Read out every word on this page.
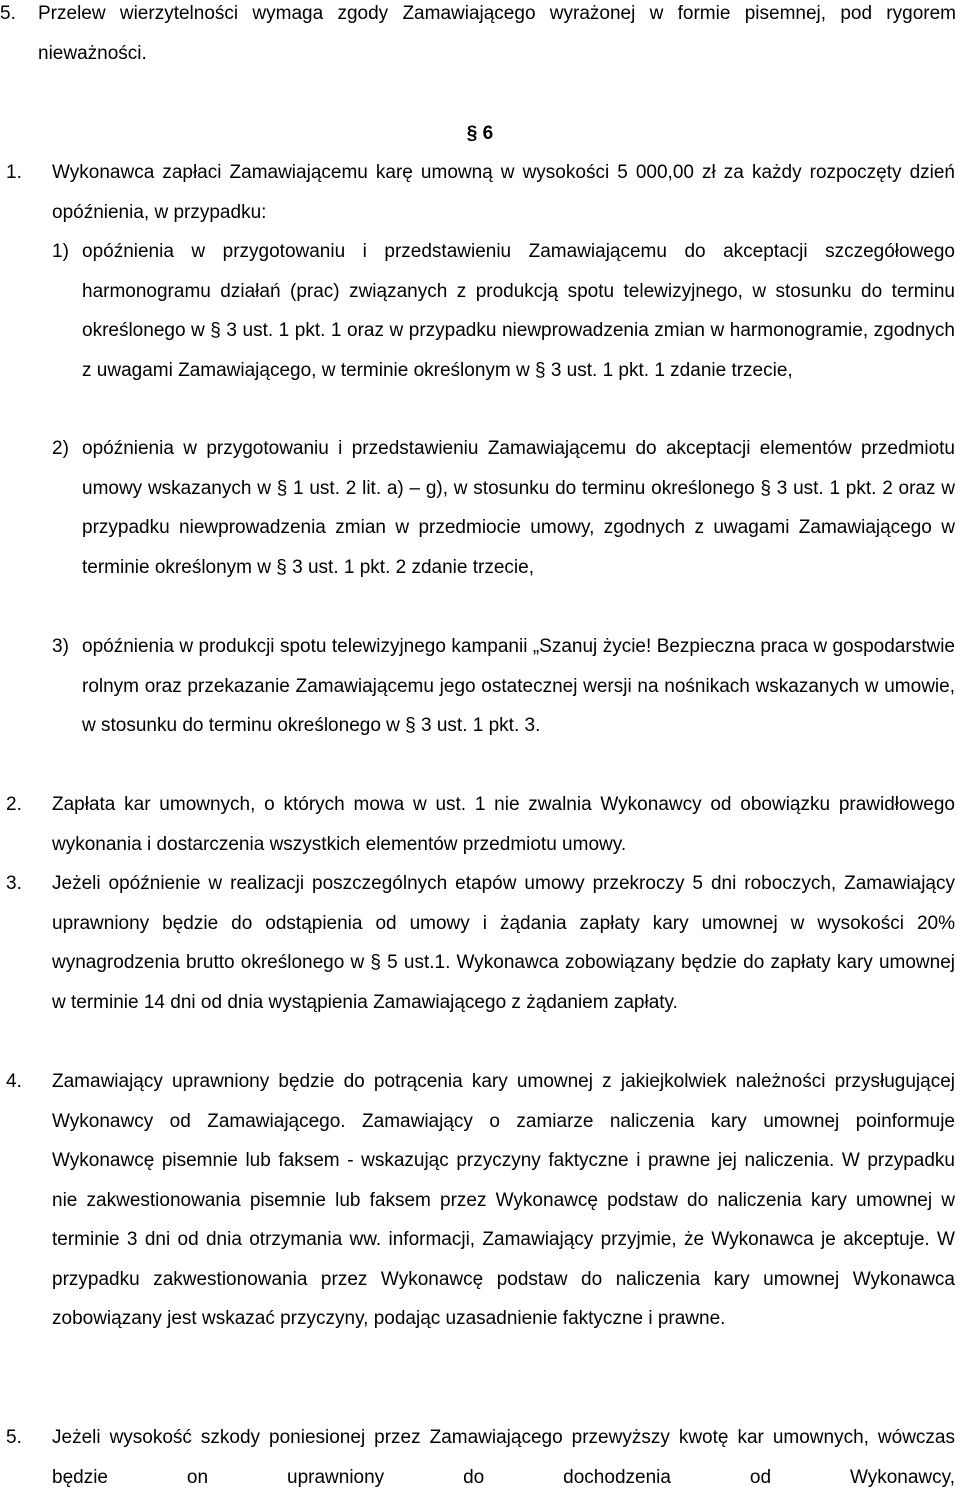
5. Przelew wierzytelności wymaga zgody Zamawiającego wyrażonej w formie pisemnej, pod rygorem nieważności.
§ 6
1. Wykonawca zapłaci Zamawiającemu karę umowną w wysokości 5 000,00 zł za każdy rozpoczęty dzień opóźnienia, w przypadku:
1) opóźnienia w przygotowaniu i przedstawieniu Zamawiającemu do akceptacji szczegółowego harmonogramu działań (prac) związanych z produkcją spotu telewizyjnego, w stosunku do terminu określonego w § 3 ust. 1 pkt. 1 oraz w przypadku niewprowadzenia zmian w harmonogramie, zgodnych z uwagami Zamawiającego, w terminie określonym w § 3 ust. 1 pkt. 1 zdanie trzecie,
2) opóźnienia w przygotowaniu i przedstawieniu Zamawiającemu do akceptacji elementów przedmiotu umowy wskazanych w § 1 ust. 2 lit. a) – g), w stosunku do terminu określonego § 3 ust. 1 pkt. 2 oraz w przypadku niewprowadzenia zmian w przedmiocie umowy, zgodnych z uwagami Zamawiającego w terminie określonym w § 3 ust. 1 pkt. 2 zdanie trzecie,
3) opóźnienia w produkcji spotu telewizyjnego kampanii „Szanuj życie! Bezpieczna praca w gospodarstwie rolnym oraz przekazanie Zamawiającemu jego ostatecznej wersji na nośnikach wskazanych w umowie, w stosunku do terminu określonego w § 3 ust. 1 pkt. 3.
2. Zapłata kar umownych, o których mowa w ust. 1 nie zwalnia Wykonawcy od obowiązku prawidłowego wykonania i dostarczenia wszystkich elementów przedmiotu umowy.
3. Jeżeli opóźnienie w realizacji poszczególnych etapów umowy przekroczy 5 dni roboczych, Zamawiający uprawniony będzie do odstąpienia od umowy i żądania zapłaty kary umownej w wysokości 20% wynagrodzenia brutto określonego w § 5 ust.1. Wykonawca zobowiązany będzie do zapłaty kary umownej w terminie 14 dni od dnia wystąpienia Zamawiającego z żądaniem zapłaty.
4. Zamawiający uprawniony będzie do potrącenia kary umownej z jakiejkolwiek należności przysługującej Wykonawcy od Zamawiającego. Zamawiający o zamiarze naliczenia kary umownej poinformuje Wykonawcę pisemnie lub faksem - wskazując przyczyny faktyczne i prawne jej naliczenia. W przypadku nie zakwestionowania pisemnie lub faksem przez Wykonawcę podstaw do naliczenia kary umownej w terminie 3 dni od dnia otrzymania ww. informacji, Zamawiający przyjmie, że Wykonawca je akceptuje. W przypadku zakwestionowania przez Wykonawcę podstaw do naliczenia kary umownej Wykonawca zobowiązany jest wskazać przyczyny, podając uzasadnienie faktyczne i prawne.
5. Jeżeli wysokość szkody poniesionej przez Zamawiającego przewyższy kwotę kar umownych, wówczas będzie on uprawniony do dochodzenia od Wykonawcy,
